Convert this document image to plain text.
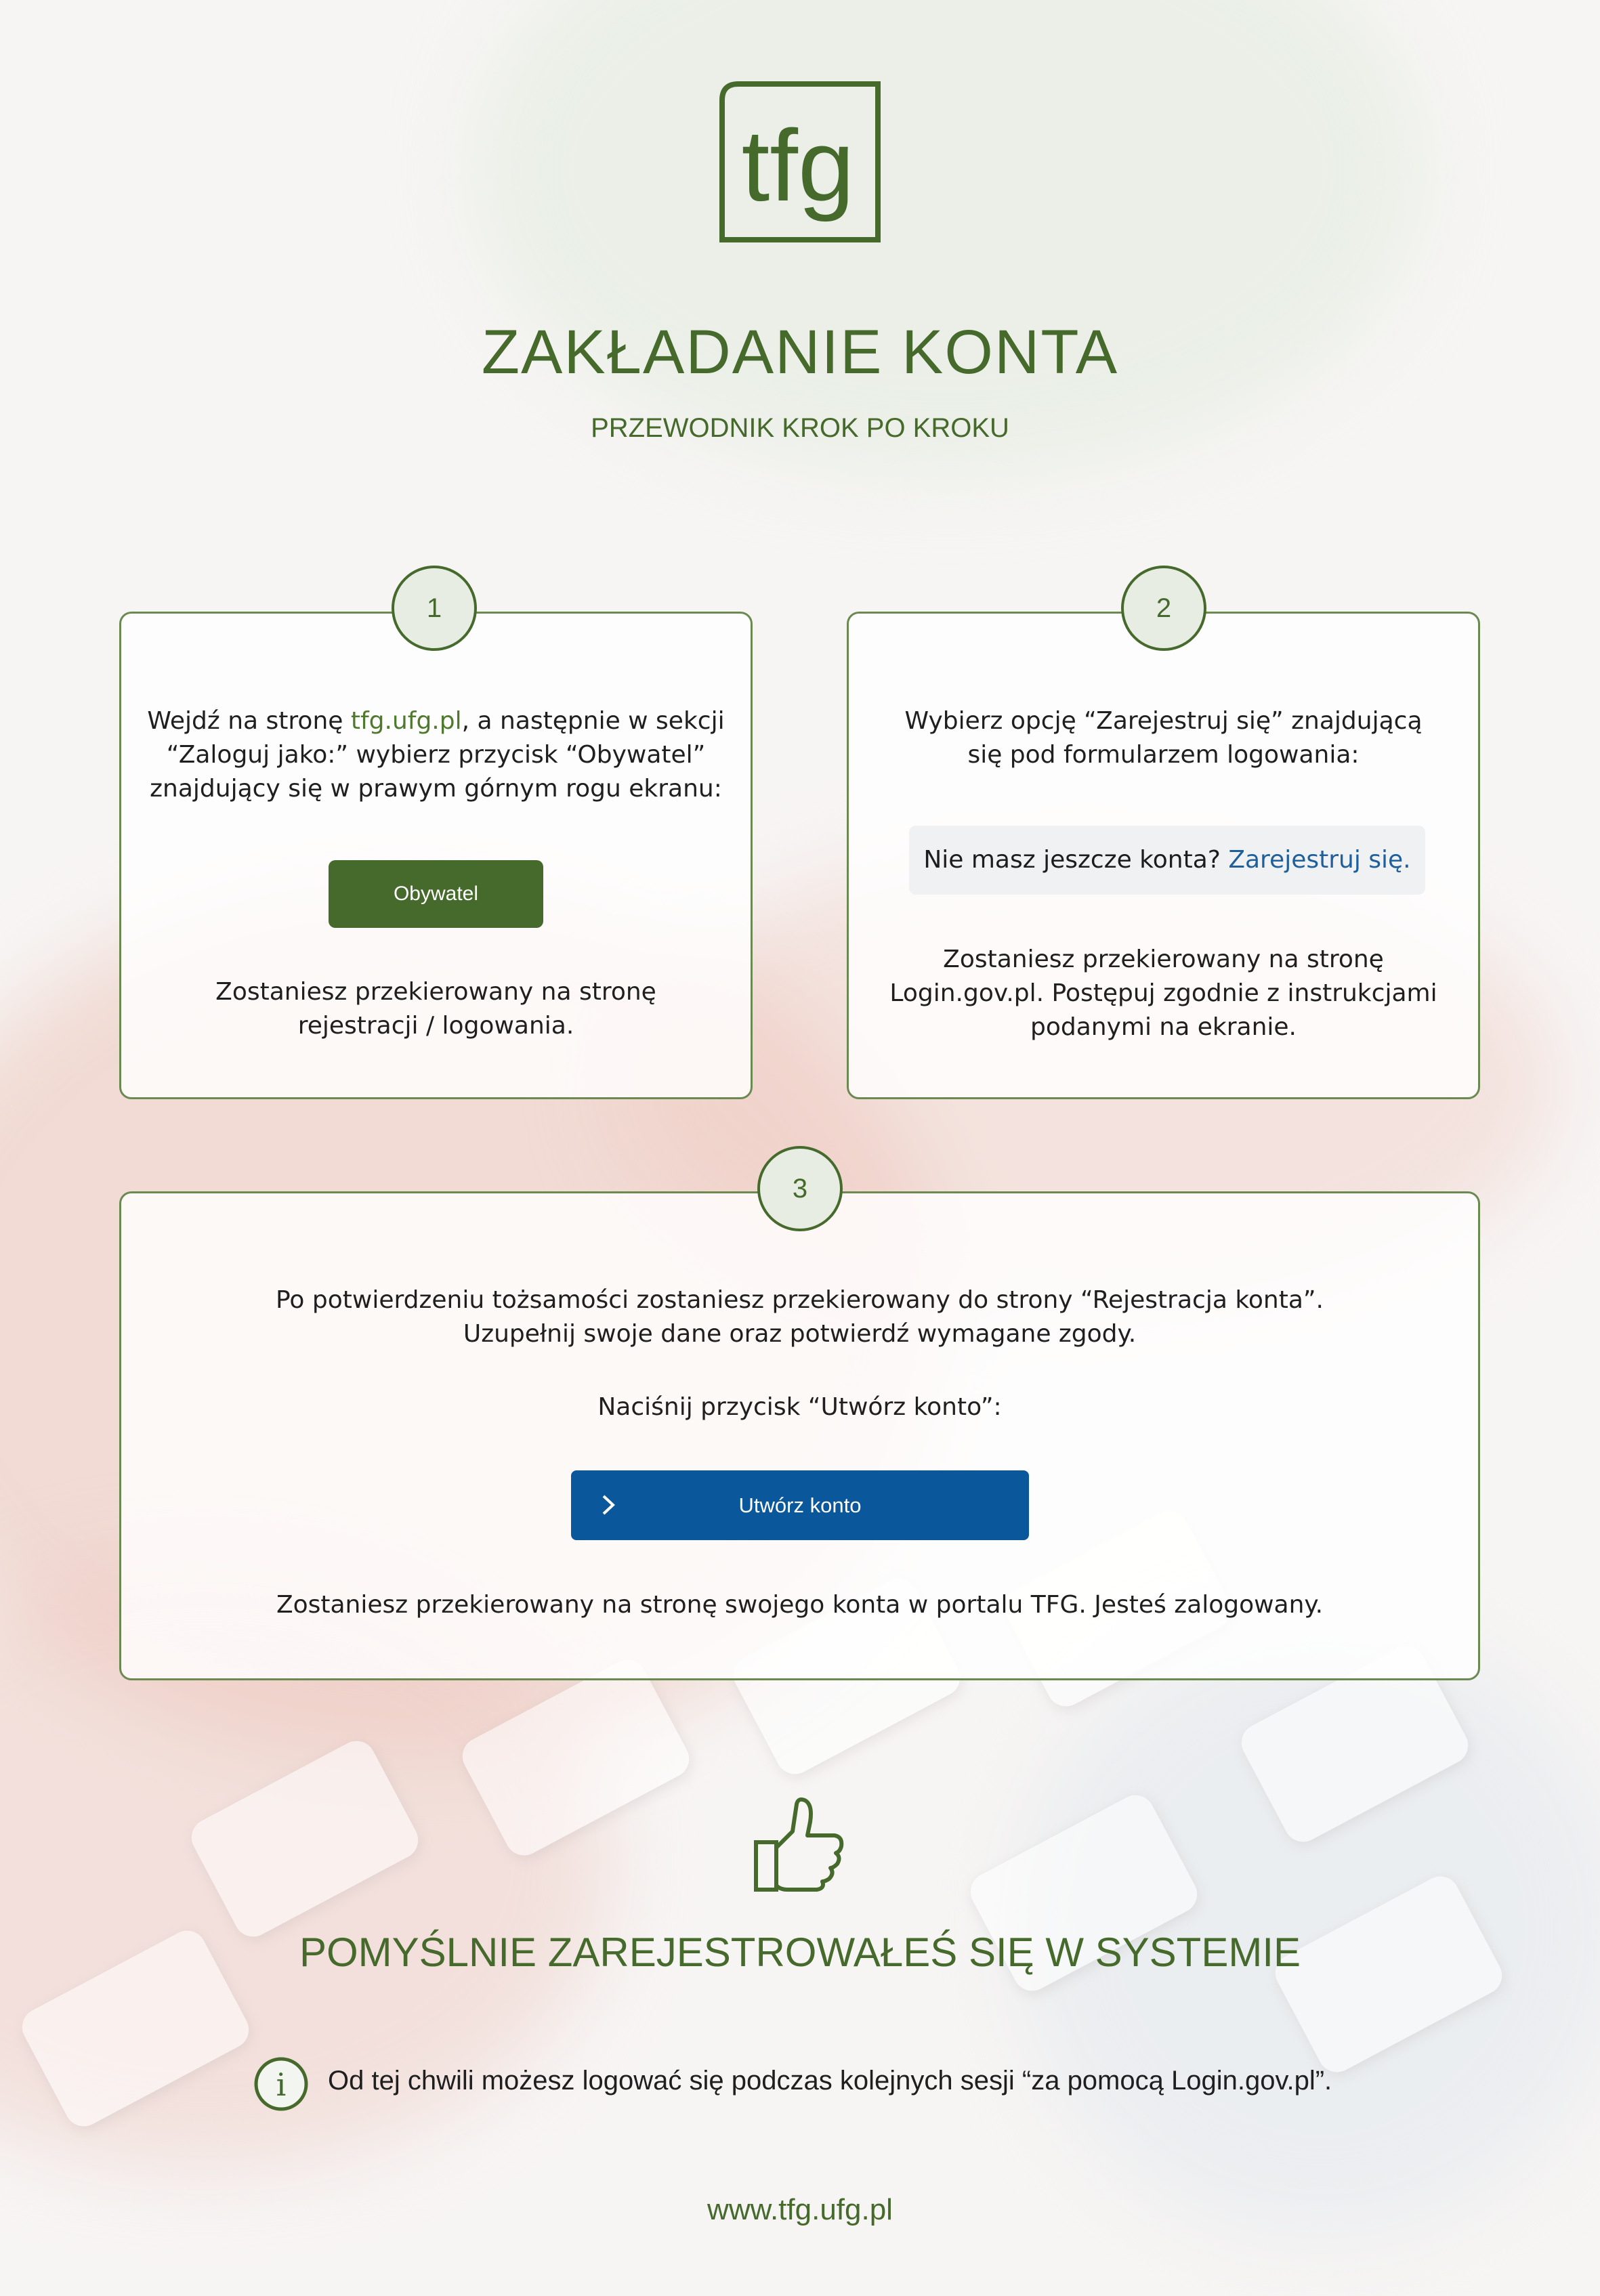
tfg
ZAKŁADANIE KONTA
PRZEWODNIK KROK PO KROKU
1
Wejdź na stronę tfg.ufg.pl, a następnie w sekcji
“Zaloguj jako:” wybierz przycisk “Obywatel”
znajdujący się w prawym górnym rogu ekranu:
Obywatel
Zostaniesz przekierowany na stronę
rejestracji / logowania.
2
Wybierz opcję “Zarejestruj się” znajdującą
się pod formularzem logowania:
Nie masz jeszcze konta? Zarejestruj się.
Zostaniesz przekierowany na stronę
Login.gov.pl. Postępuj zgodnie z instrukcjami
podanymi na ekranie.
3
Po potwierdzeniu tożsamości zostaniesz przekierowany do strony “Rejestracja konta”.
Uzupełnij swoje dane oraz potwierdź wymagane zgody.
Naciśnij przycisk “Utwórz konto”:
Utwórz konto
Zostaniesz przekierowany na stronę swojego konta w portalu TFG. Jesteś zalogowany.
POMYŚLNIE ZAREJESTROWAŁEŚ SIĘ W SYSTEMIE
i Od tej chwili możesz logować się podczas kolejnych sesji “za pomocą Login.gov.pl”.
www.tfg.ufg.pl
